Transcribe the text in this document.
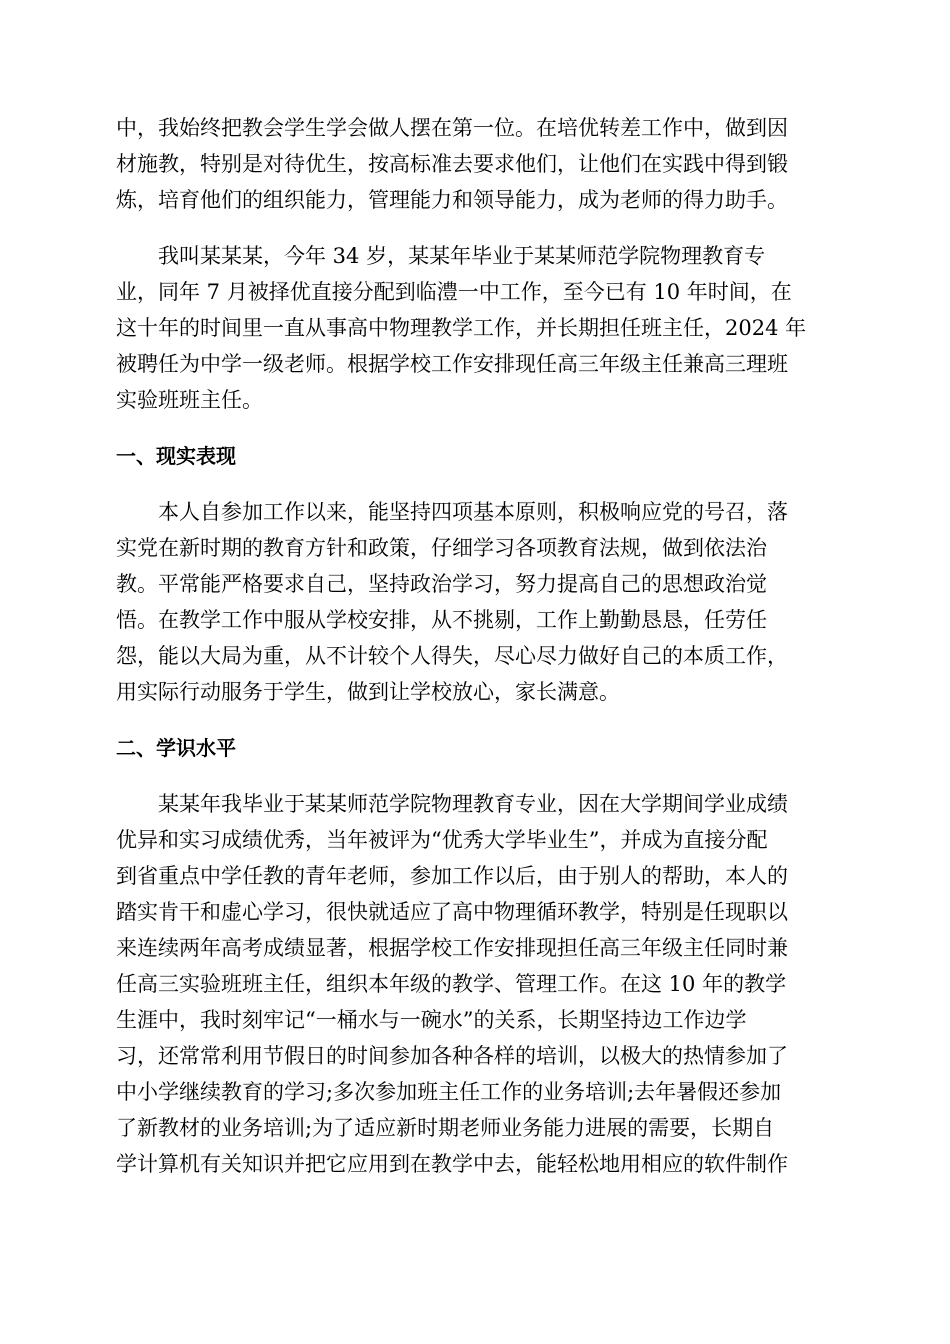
中，我始终把教会学生学会做人摆在第一位。在培优转差工作中，做到因
材施教，特别是对待优生，按高标准去要求他们，让他们在实践中得到锻
炼，培育他们的组织能力，管理能力和领导能力，成为老师的得力助手。

我叫某某某，今年 34 岁，某某年毕业于某某师范学院物理教育专
业，同年 7 月被择优直接分配到临澧一中工作，至今已有 10 年时间，在
这十年的时间里一直从事高中物理教学工作，并长期担任班主任，2024 年
被聘任为中学一级老师。根据学校工作安排现任高三年级主任兼高三理班
实验班班主任。

一、现实表现

本人自参加工作以来，能坚持四项基本原则，积极响应党的号召，落
实党在新时期的教育方针和政策，仔细学习各项教育法规，做到依法治
教。平常能严格要求自己，坚持政治学习，努力提高自己的思想政治觉
悟。在教学工作中服从学校安排，从不挑剔，工作上勤勤恳恳，任劳任
怨，能以大局为重，从不计较个人得失，尽心尽力做好自己的本质工作，
用实际行动服务于学生，做到让学校放心，家长满意。

二、学识水平

某某年我毕业于某某师范学院物理教育专业，因在大学期间学业成绩
优异和实习成绩优秀，当年被评为“优秀大学毕业生”，并成为直接分配
到省重点中学任教的青年老师，参加工作以后，由于别人的帮助，本人的
踏实肯干和虚心学习，很快就适应了高中物理循环教学，特别是任现职以
来连续两年高考成绩显著，根据学校工作安排现担任高三年级主任同时兼
任高三实验班班主任，组织本年级的教学、管理工作。在这 10 年的教学
生涯中，我时刻牢记“一桶水与一碗水”的关系，长期坚持边工作边学
习，还常常利用节假日的时间参加各种各样的培训，以极大的热情参加了
中小学继续教育的学习;多次参加班主任工作的业务培训;去年暑假还参加
了新教材的业务培训;为了适应新时期老师业务能力进展的需要，长期自
学计算机有关知识并把它应用到在教学中去，能轻松地用相应的软件制作
